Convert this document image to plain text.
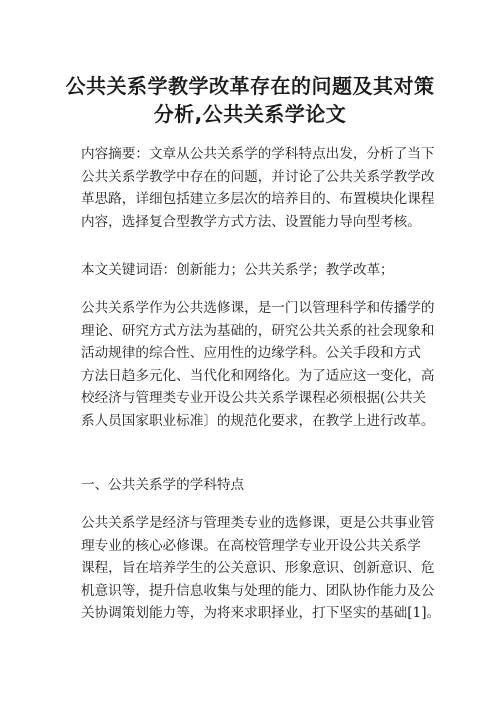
公共关系学教学改革存在的问题及其对策
分析,公共关系学论文

内容摘要：文章从公共关系学的学科特点出发，分析了当下
公共关系学教学中存在的问题，并讨论了公共关系学教学改
革思路，详细包括建立多层次的培养目的、布置模块化课程
内容，选择复合型教学方式方法、设置能力导向型考核。

本文关键词语：创新能力；公共关系学；教学改革；

公共关系学作为公共选修课，是一门以管理科学和传播学的
理论、研究方式方法为基础的，研究公共关系的社会现象和
活动规律的综合性、应用性的边缘学科。公关手段和方式
方法日趋多元化、当代化和网络化。为了适应这一变化，高
校经济与管理类专业开设公共关系学课程必须根据(公共关
系人员国家职业标准〕的规范化要求，在教学上进行改革。

一、公共关系学的学科特点

公共关系学是经济与管理类专业的选修课，更是公共事业管
理专业的核心必修课。在高校管理学专业开设公共关系学
课程，旨在培养学生的公关意识、形象意识、创新意识、危
机意识等，提升信息收集与处理的能力、团队协作能力及公
关协调策划能力等，为将来求职择业，打下坚实的基础[1]。
